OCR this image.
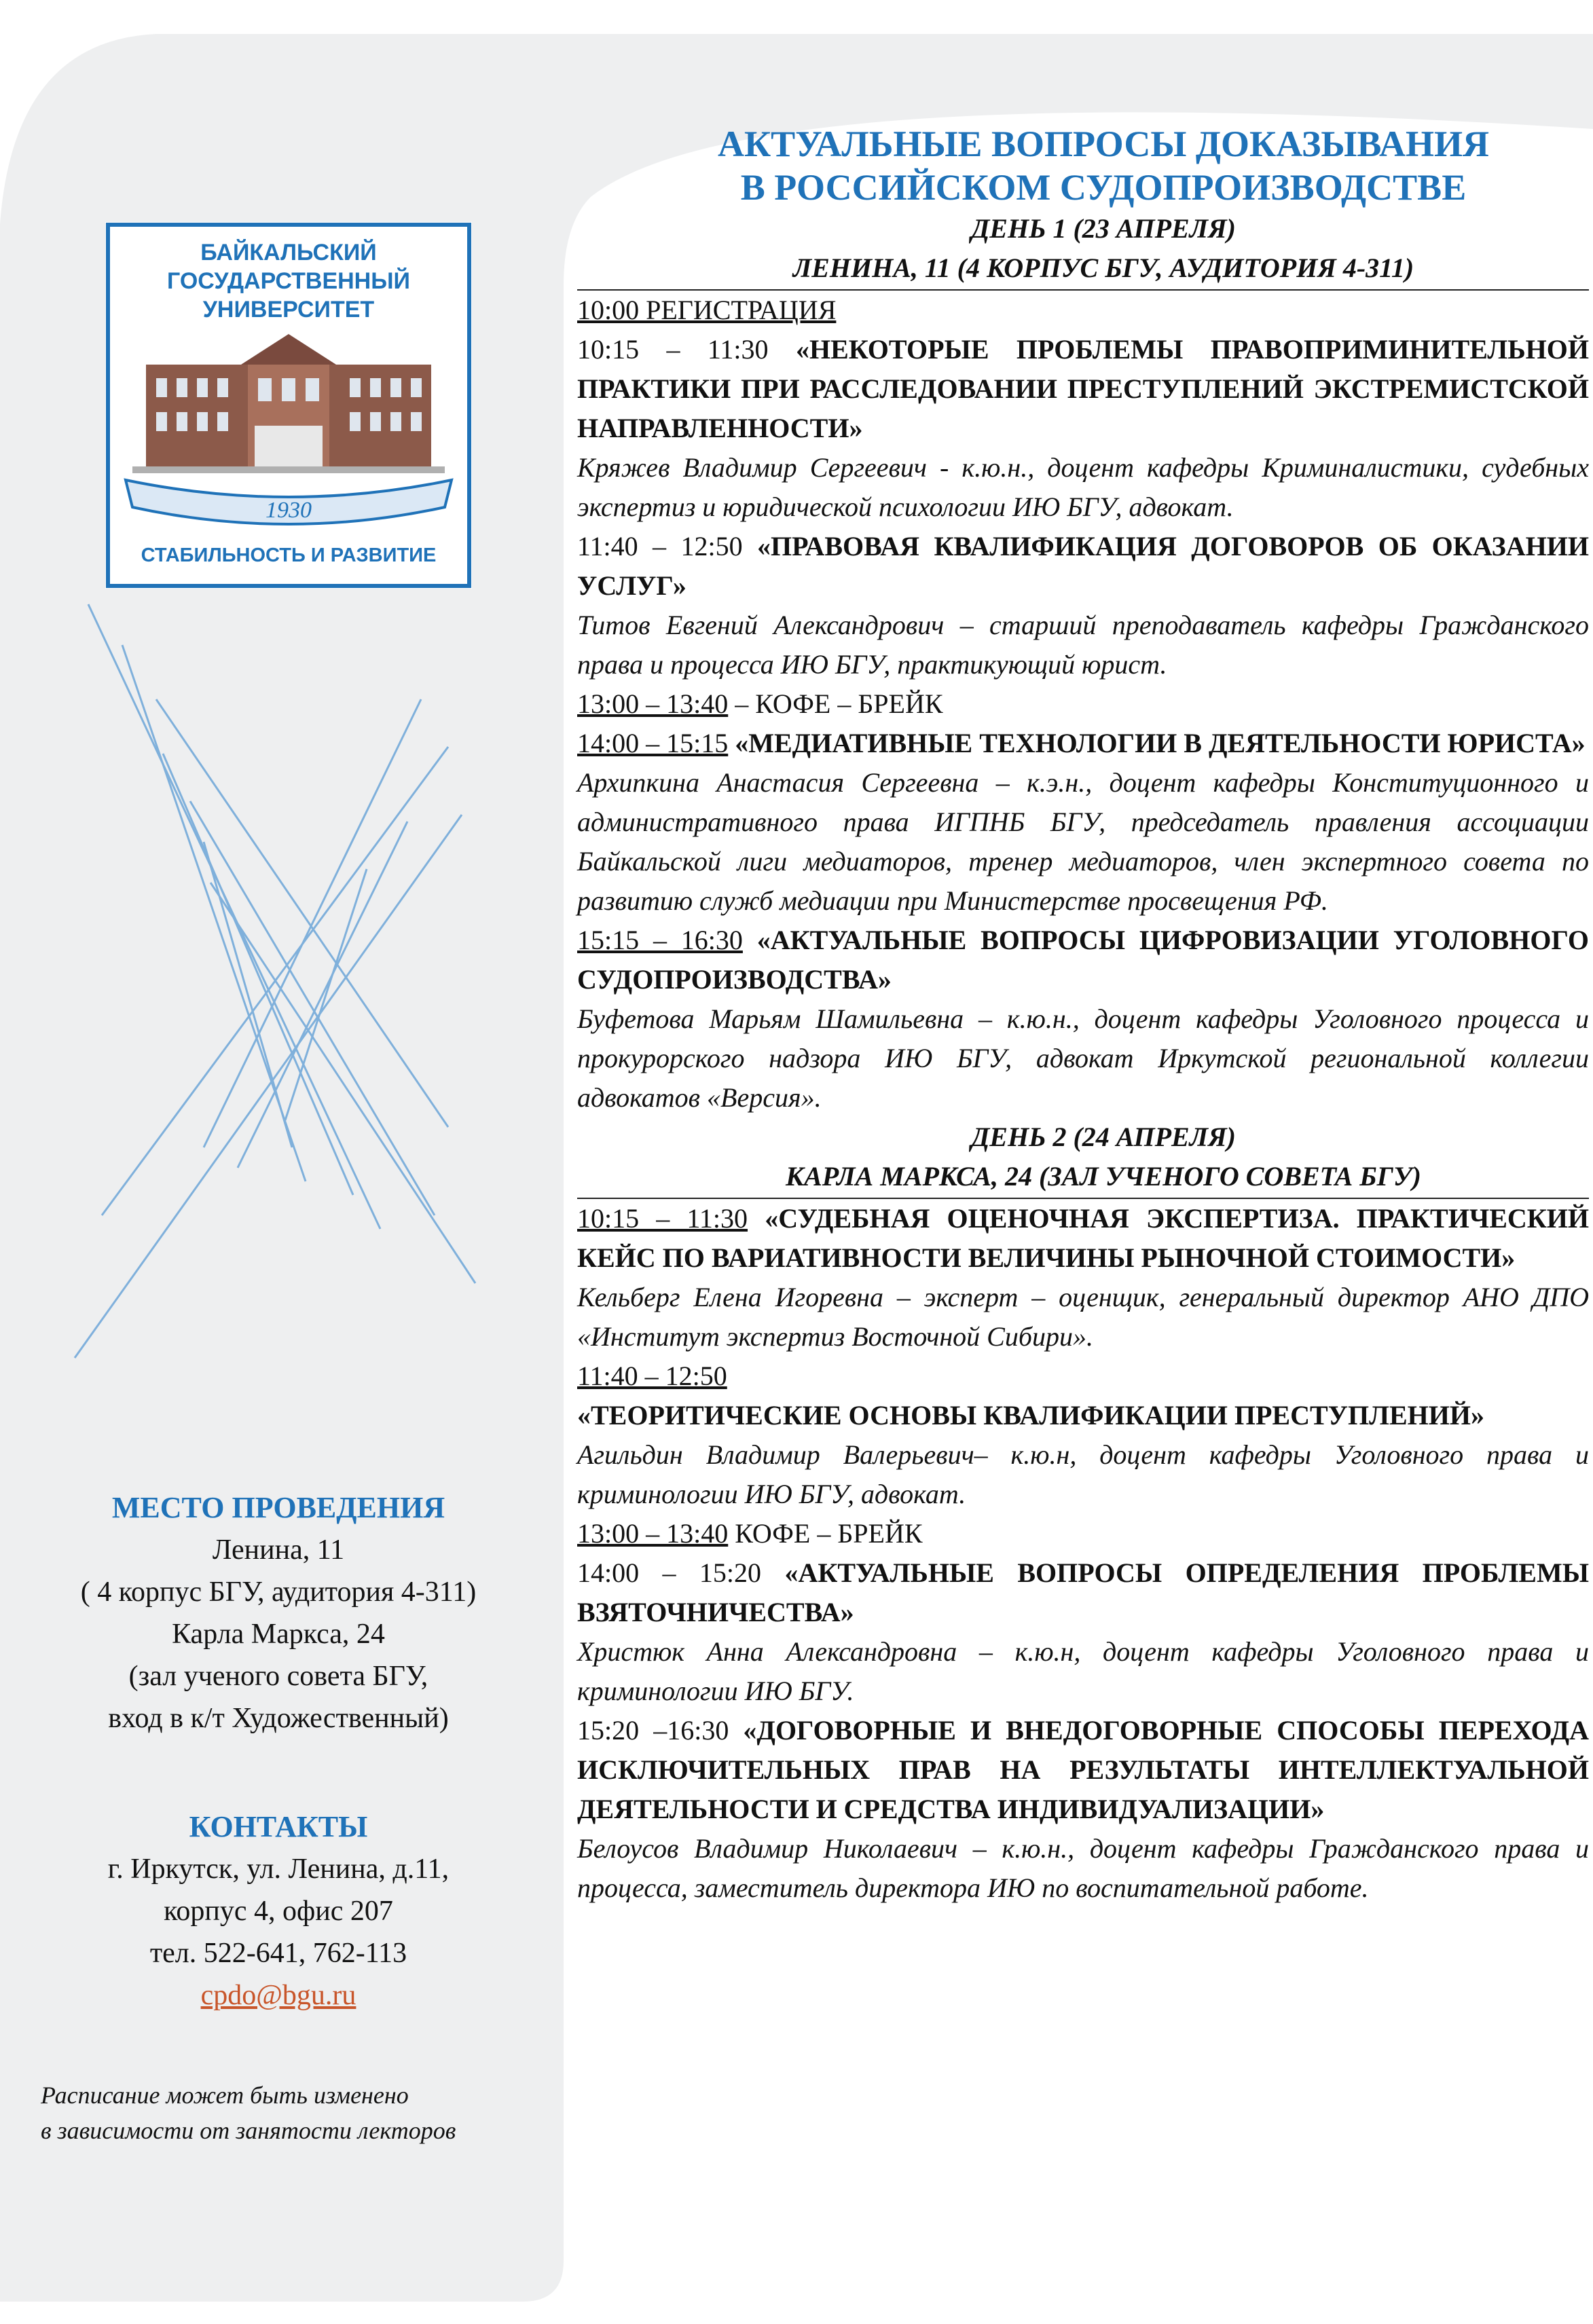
БАЙКАЛЬСКИЙ
ГОСУДАРСТВЕННЫЙ
УНИВЕРСИТЕТ
1930
СТАБИЛЬНОСТЬ И РАЗВИТИЕ
МЕСТО ПРОВЕДЕНИЯ
Ленина, 11
( 4 корпус БГУ, аудитория 4-311)
Карла Маркса, 24
(зал ученого совета БГУ,
вход в к/т Художественный)
КОНТАКТЫ
г. Иркутск, ул. Ленина, д.11,
корпус 4, офис 207
тел. 522-641, 762-113
cpdo@bgu.ru
Расписание может быть изменено
в зависимости от занятости лекторов
АКТУАЛЬНЫЕ ВОПРОСЫ ДОКАЗЫВАНИЯ
В РОССИЙСКОМ СУДОПРОИЗВОДСТВЕ
ДЕНЬ 1 (23 АПРЕЛЯ)
ЛЕНИНА, 11 (4 КОРПУС БГУ, АУДИТОРИЯ 4-311)
10:00 РЕГИСТРАЦИЯ
10:15 – 11:30 «НЕКОТОРЫЕ ПРОБЛЕМЫ ПРАВОПРИМИНИТЕЛЬНОЙ ПРАКТИКИ ПРИ РАССЛЕДОВАНИИ ПРЕСТУПЛЕНИЙ ЭКСТРЕМИСТСКОЙ НАПРАВЛЕННОСТИ»
Кряжев Владимир Сергеевич - к.ю.н., доцент кафедры Криминалистики, судебных экспертиз и юридической психологии ИЮ БГУ, адвокат.
11:40 – 12:50 «ПРАВОВАЯ КВАЛИФИКАЦИЯ ДОГОВОРОВ ОБ ОКАЗАНИИ УСЛУГ»
Титов Евгений Александрович – старший преподаватель кафедры Гражданского права и процесса ИЮ БГУ, практикующий юрист.
13:00 – 13:40 – КОФЕ – БРЕЙК
14:00 – 15:15 «МЕДИАТИВНЫЕ ТЕХНОЛОГИИ В ДЕЯТЕЛЬНОСТИ ЮРИСТА»
Архипкина Анастасия Сергеевна – к.э.н., доцент кафедры Конституционного и административного права ИГПНБ БГУ, председатель правления ассоциации Байкальской лиги медиаторов, тренер медиаторов, член экспертного совета по развитию служб медиации при Министерстве просвещения РФ.
15:15 – 16:30 «АКТУАЛЬНЫЕ ВОПРОСЫ ЦИФРОВИЗАЦИИ УГОЛОВНОГО СУДОПРОИЗВОДСТВА»
Буфетова Марьям Шамильевна – к.ю.н., доцент кафедры Уголовного процесса и прокурорского надзора ИЮ БГУ, адвокат Иркутской региональной коллегии адвокатов «Версия».
ДЕНЬ 2 (24 АПРЕЛЯ)
КАРЛА МАРКСА, 24 (ЗАЛ УЧЕНОГО СОВЕТА БГУ)
10:15 – 11:30 «СУДЕБНАЯ ОЦЕНОЧНАЯ ЭКСПЕРТИЗА. ПРАКТИЧЕСКИЙ КЕЙС ПО ВАРИАТИВНОСТИ ВЕЛИЧИНЫ РЫНОЧНОЙ СТОИМОСТИ»
Кельберг Елена Игоревна – эксперт – оценщик, генеральный директор АНО ДПО «Институт экспертиз Восточной Сибири».
11:40 – 12:50
«ТЕОРИТИЧЕСКИЕ ОСНОВЫ КВАЛИФИКАЦИИ ПРЕСТУПЛЕНИЙ»
Агильдин Владимир Валерьевич– к.ю.н, доцент кафедры Уголовного права и криминологии ИЮ БГУ, адвокат.
13:00 – 13:40 КОФЕ – БРЕЙК
14:00 – 15:20 «АКТУАЛЬНЫЕ ВОПРОСЫ ОПРЕДЕЛЕНИЯ ПРОБЛЕМЫ ВЗЯТОЧНИЧЕСТВА»
Христюк Анна Александровна – к.ю.н, доцент кафедры Уголовного права и криминологии ИЮ БГУ.
15:20 –16:30 «ДОГОВОРНЫЕ И ВНЕДОГОВОРНЫЕ СПОСОБЫ ПЕРЕХОДА ИСКЛЮЧИТЕЛЬНЫХ ПРАВ НА РЕЗУЛЬТАТЫ ИНТЕЛЛЕКТУАЛЬНОЙ ДЕЯТЕЛЬНОСТИ И СРЕДСТВА ИНДИВИДУАЛИЗАЦИИ»
Белоусов Владимир Николаевич – к.ю.н., доцент кафедры Гражданского права и процесса, заместитель директора ИЮ по воспитательной работе.
